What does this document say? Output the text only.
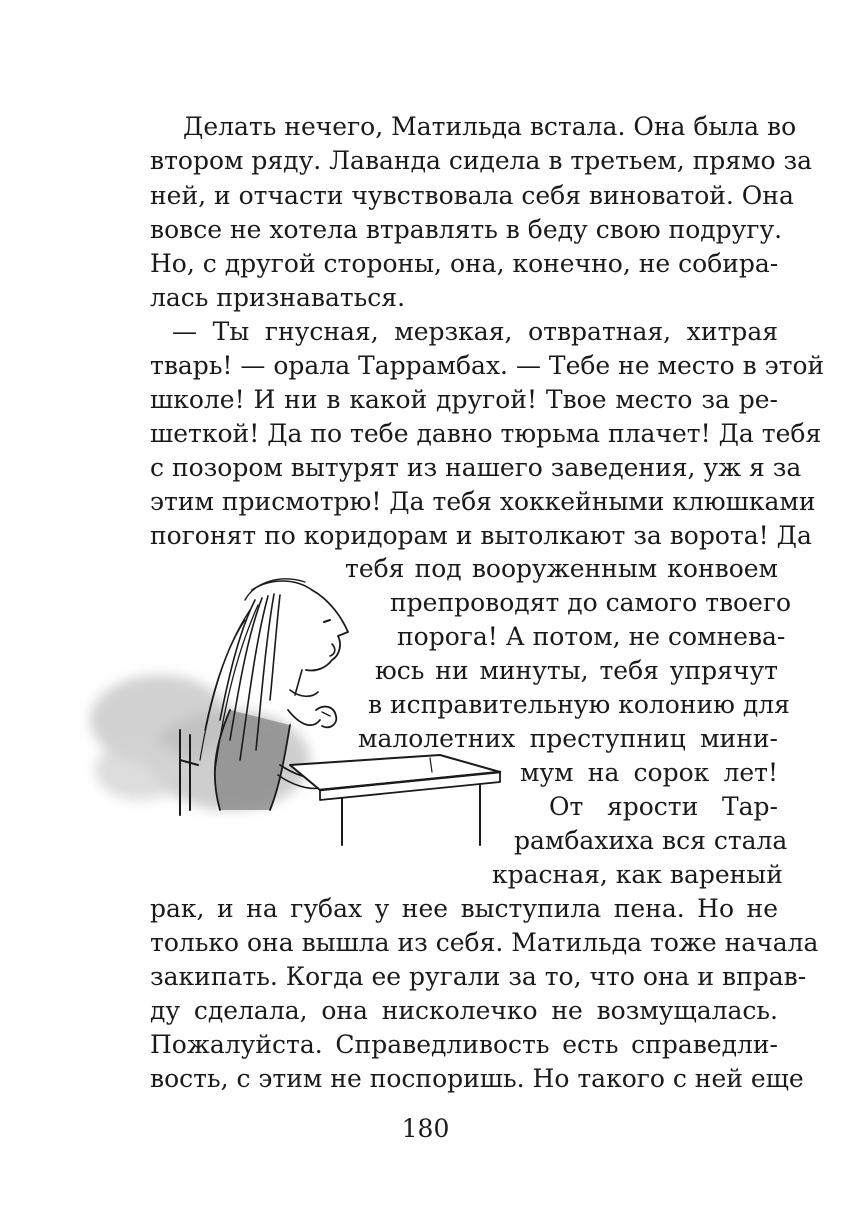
Делать нечего, Матильда встала. Она была во
втором ряду. Лаванда сидела в третьем, прямо за
ней, и отчасти чувствовала себя виноватой. Она
вовсе не хотела втравлять в беду свою подругу.
Но, с другой стороны, она, конечно, не собира-
лась признаваться.
— Ты гнусная, мерзкая, отвратная, хитрая
тварь! — орала Таррамбах. — Тебе не место в этой
школе! И ни в какой другой! Твое место за ре-
шеткой! Да по тебе давно тюрьма плачет! Да тебя
с позором вытурят из нашего заведения, уж я за
этим присмотрю! Да тебя хоккейными клюшками
погонят по коридорам и вытолкают за ворота! Да
тебя под вооруженным конвоем
препроводят до самого твоего
порога! А потом, не сомнева-
юсь ни минуты, тебя упрячут
в исправительную колонию для
малолетних преступниц мини-
мум на сорок лет!
От ярости Тар-
рамбахиха вся стала
красная, как вареный
рак, и на губах у нее выступила пена. Но не
только она вышла из себя. Матильда тоже начала
закипать. Когда ее ругали за то, что она и вправ-
ду сделала, она нисколечко не возмущалась.
Пожалуйста. Справедливость есть справедли-
вость, с этим не поспоришь. Но такого с ней еще
180
